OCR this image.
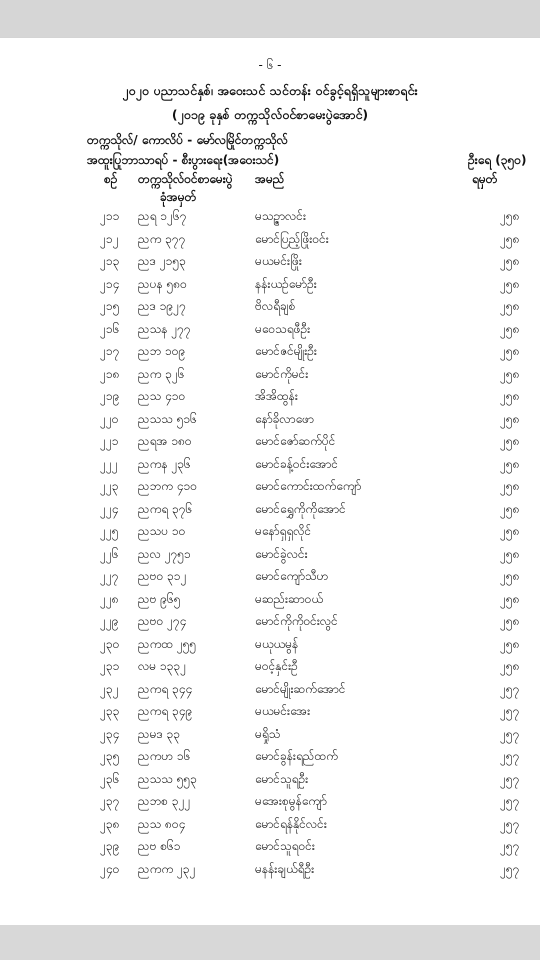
- ၆ -
၂၀၂၀ ပညာသင်နှစ်၊ အဝေးသင် သင်တန်း ဝင်ခွင့်ရရှိသူများစာရင်း
(၂၀၁၉ ခုနှစ် တက္ကသိုလ်ဝင်စာမေးပွဲအောင်)
တက္ကသိုလ်/ ကောလိပ် - မော်လမြိုင်တက္ကသိုလ်
အထူးပြုဘာသာရပ် - စီးပွားရေး(အဝေးသင်)	ဦးရေ (၃၅၀)
စဉ် တက္ကသိုလ်ဝင်စာမေးပွဲ
ခုံအမှတ်
အမည်	ရမှတ်
၂၁၁ ညရ ၁၂၆၇	မသဉ္ဇာလင်း	၂၅၈
၂၁၂ ညက ၃၇၇	မောင်ပြည့်ဖြိုးဝင်း	၂၅၈
၂၁၃ ညဒ ၂၁၅၃	မယမင်းဖြိုး	၂၅၈
၂၁၄ ညပန ၅၈၀	နန်းယဉ်မော်ဦး	၂၅၈
၂၁၅ ညဒ ၁၉၂၇	ဗိလရီချစ်	၂၅၈
၂၁၆ ညသန ၂၇၇	မဝေသရဖီဦး	၂၅၈
၂၁၇ ညဘ ၁၀၉	မောင်ဇင်မျိုးဦး	၂၅၈
၂၁၈ ညက ၃၂၆	မောင်ကိုမင်း	၂၅၈
၂၁၉ ညသ ၄၁၀	အိအိထွန်း	၂၅၈
၂၂၀ ညသသ ၅၁၆	နော်ခိုလာဖော	၂၅၈
၂၂၁ ညရအ ၁၈၀	မောင်ဇော်ဆက်ပိုင်	၂၅၈
၂၂၂ ညကန ၂၃၆	မောင်ခန့်ဝင်းအောင်	၂၅၈
၂၂၃ ညဘက ၄၁၀	မောင်ကောင်းထက်ကျော်	၂၅၈
၂၂၄ ညကရ ၃၇၆	မောင်ရွှေကိုကိုအောင်	၂၅၈
၂၂၅ ညသပ ၁၀	မနော်ရှရှလိုင်	၂၅၈
၂၂၆ ညလ ၂၇၅၁	မောင်ခွဲလင်း	၂၅၈
၂၂၇ ညဗ၀ ၃၁၂	မောင်ကျော်သီဟ	၂၅၈
၂၂၈ ညဗ ၉၆၅	မဆည်းဆာ၀ယ်	၂၅၈
၂၂၉ ညဗ၀ ၂၇၄	မောင်ကိုကိုဝင်းလွင်	၂၅၈
၂၃၀ ညကထ ၂၅၅	မယုယမွန်	၂၅၈
၂၃၁ လမ ၁၃၃၂	မဝင့်နှင်းဦ	၂၅၈
၂၃၂ ညကရ ၃၄၄	မောင်မျိုးဆက်အောင်	၂၅၇
၂၃၃ ညကရ ၃၄၉	မယမင်းအေး	၂၅၇
၂၃၄ ညမဒ ၃၃	မရှိုသံ	၂၅၇
၂၃၅ ညကဟ ၁၆	မောင်ခွန်းရည်ထက်	၂၅၇
၂၃၆ ညသသ ၅၅၃	မောင်သူရဦး	၂၅၇
၂၃၇ ညဘစ ၃၂၂	မအေးစုမွန်ကျော်	၂၅၇
၂၃၈ ညသ ၈၀၄	မောင်ရန်နိုင်လင်း	၂၅၇
၂၃၉ ညဗ စ၆၁	မောင်သူရဝင်း	၂၅၇
၂၄၀ ညကက ၂၃၂	မနန်းချယ်ရီဦး	၂၅၇
